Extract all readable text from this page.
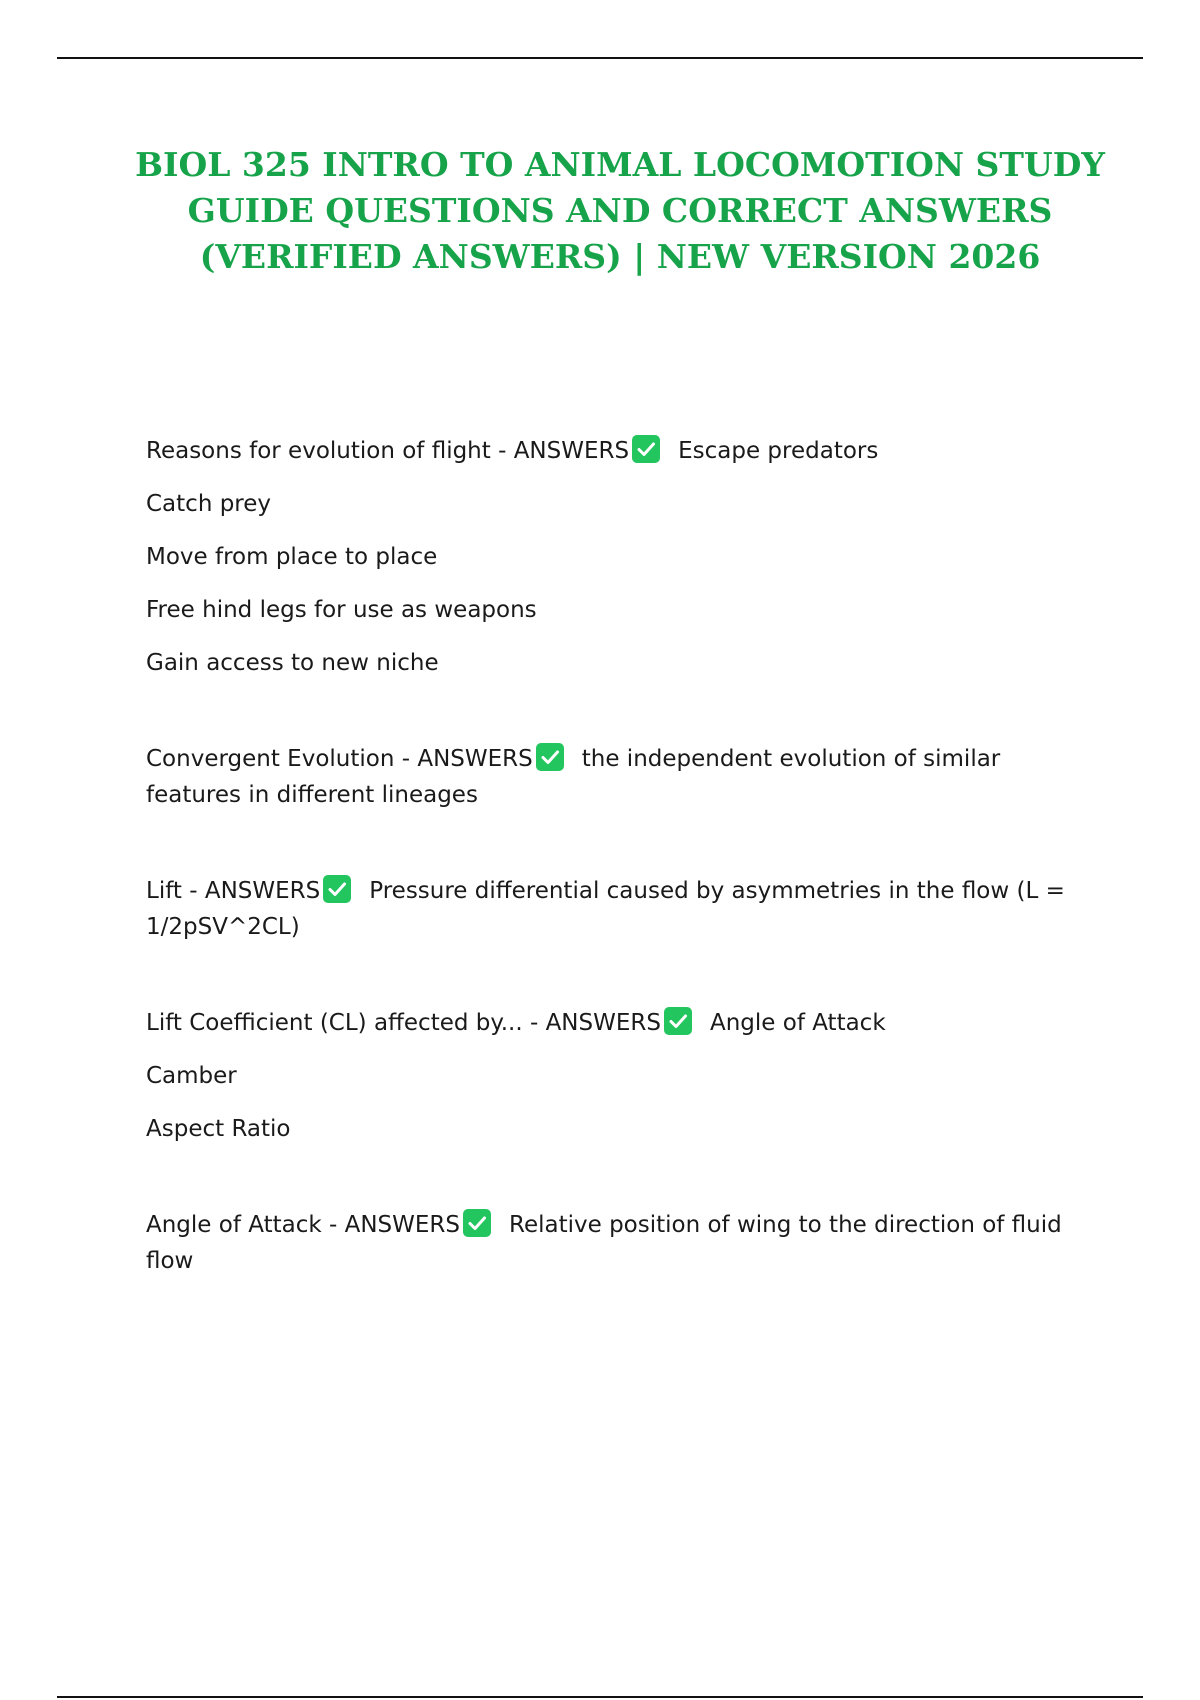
BIOL 325 INTRO TO ANIMAL LOCOMOTION STUDY
GUIDE QUESTIONS AND CORRECT ANSWERS
(VERIFIED ANSWERS) | NEW VERSION 2026

Reasons for evolution of flight - ANSWERS Escape predators

Catch prey

Move from place to place

Free hind legs for use as weapons

Gain access to new niche

Convergent Evolution - ANSWERS the independent evolution of similar features in different lineages

Lift - ANSWERS Pressure differential caused by asymmetries in the flow (L = 1/2pSV^2CL)

Lift Coefficient (CL) affected by... - ANSWERS Angle of Attack

Camber

Aspect Ratio

Angle of Attack - ANSWERS Relative position of wing to the direction of fluid flow
